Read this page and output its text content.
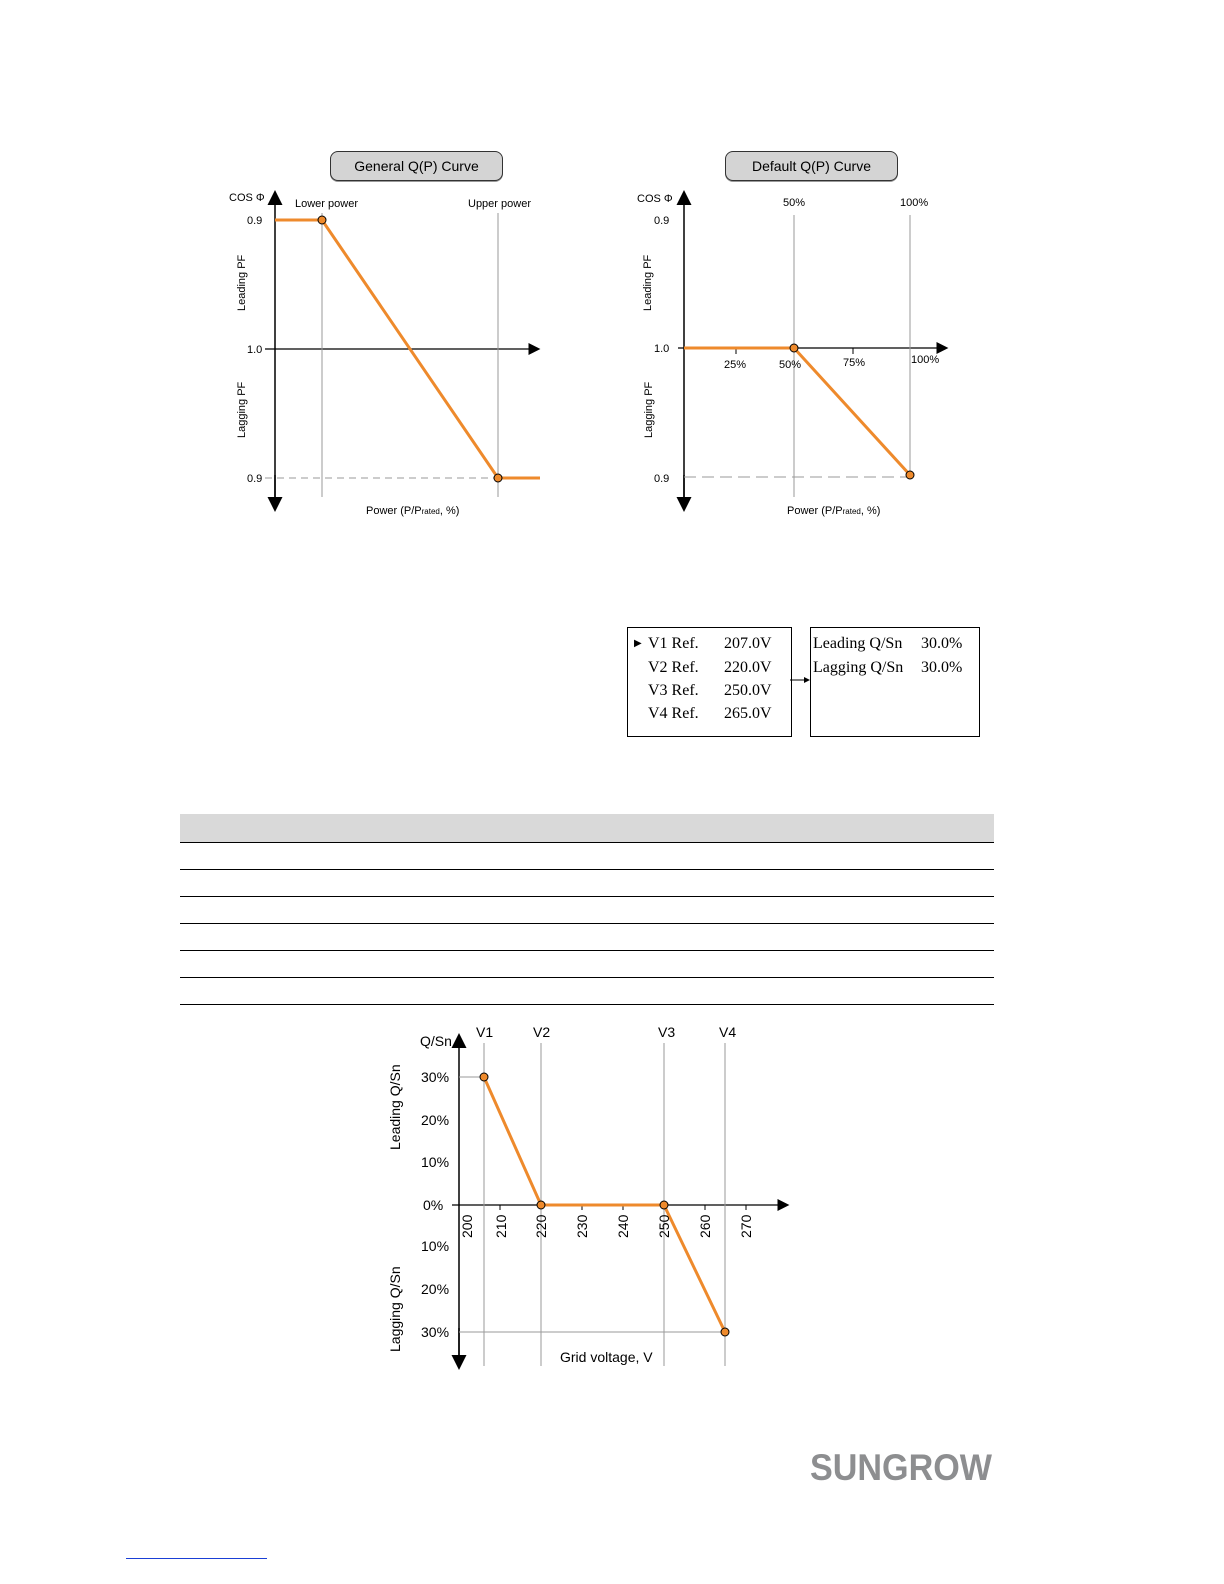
General Q(P) Curve	Default Q(P) Curve
COS Φ
0.9
1.0
0.9
Leading PF
Lagging PF
Lower power	Upper power
Power (P/Prated, %)
COS Φ
0.9
1.0
0.9
Leading PF
Lagging PF
50%	100%
25%	50%	75%	100%
Power (P/Prated, %)
▶ V1 Ref. 207.0V
V2 Ref. 220.0V
V3 Ref. 250.0V
V4 Ref. 265.0V
Leading Q/Sn 30.0%
Lagging Q/Sn 30.0%
Q/Sn
V1	V2	V3	V4
30%
20%
10%
0%
10%
20%
30%
Leading Q/Sn
Lagging Q/Sn
200 210 220 230 240 250 260 270
Grid voltage, V
SUNGROW
